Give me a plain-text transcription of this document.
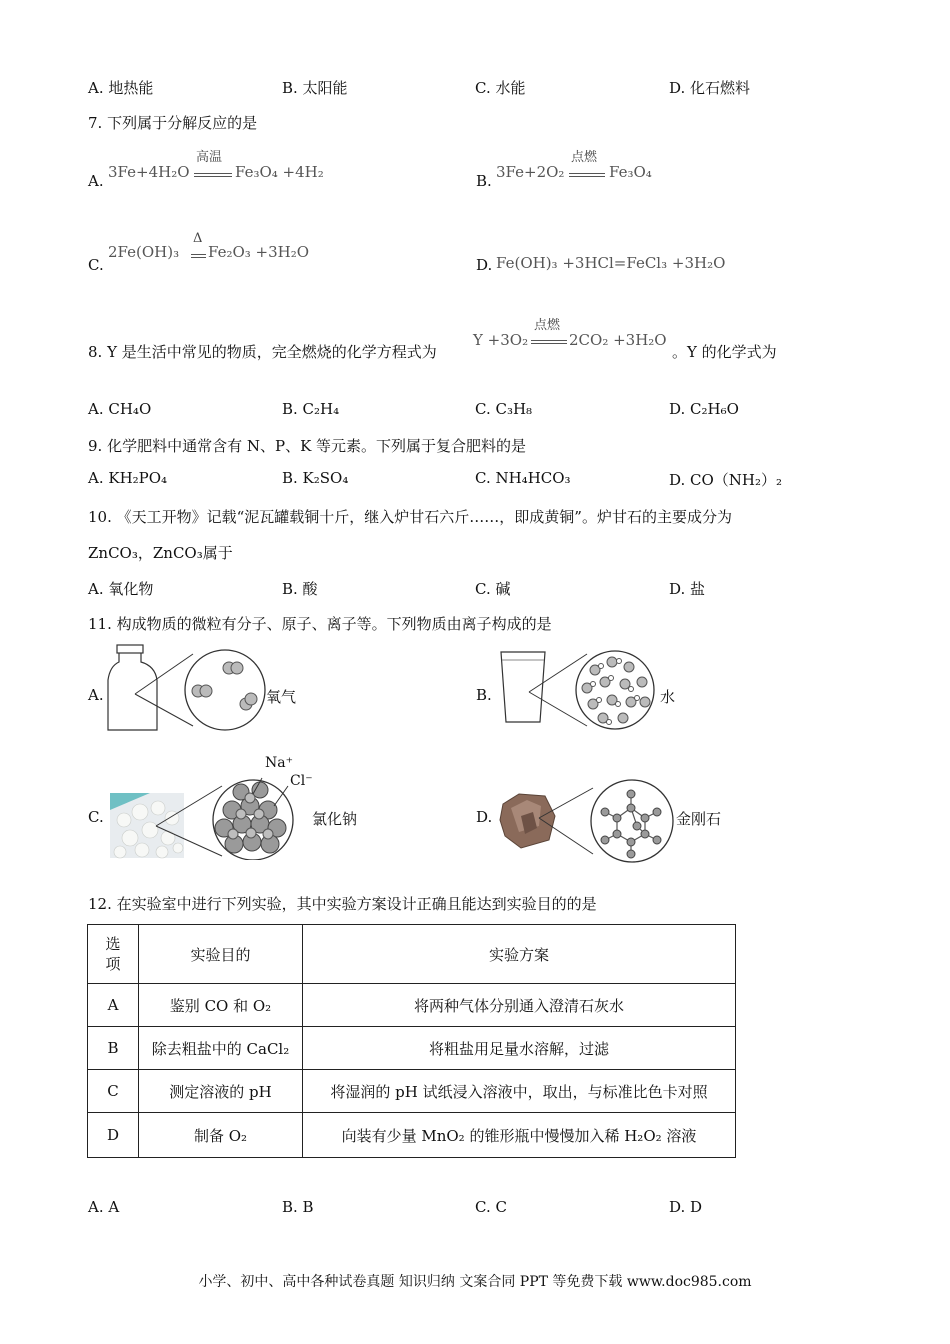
A. 地热能	B. 太阳能	C. 水能	D. 化石燃料
7. 下列属于分解反应的是
A. 3Fe+4H₂O
高温
Fe₃O₄ +4H₂	B. 3Fe+2O₂
点燃
Fe₃O₄
C.
2Fe(OH)₃
Δ
Fe₂O₃ +3H₂O
D. Fe(OH)₃ +3HCl=FeCl₃ +3H₂O
8. Y 是生活中常见的物质，完全燃烧的化学方程式为
Y +3O₂
点燃
2CO₂ +3H₂O
。Y 的化学式为
A. CH₄O	B. C₂H₄	C. C₃H₈	D. C₂H₆O
9. 化学肥料中通常含有 N、P、K 等元素。下列属于复合肥料的是
A. KH₂PO₄	B. K₂SO₄	C. NH₄HCO₃	D. CO（NH₂）₂
10. 《天工开物》记载“泥瓦罐载铜十斤，继入炉甘石六斤……，即成黄铜”。炉甘石的主要成分为
ZnCO₃，ZnCO₃属于
A. 氧化物	B. 酸	C. 碱	D. 盐
11. 构成物质的微粒有分子、原子、离子等。下列物质由离子构成的是
A.	氧气	B.	水
C.
Na⁺
Cl⁻
氯化钠	D.	金刚石
12. 在实验室中进行下列实验，其中实验方案设计正确且能达到实验目的的是
选项	实验目的	实验方案
A	鉴别 CO 和 O₂	将两种气体分别通入澄清石灰水
B	除去粗盐中的 CaCl₂	将粗盐用足量水溶解，过滤
C	测定溶液的 pH	将湿润的 pH 试纸浸入溶液中，取出，与标准比色卡对照
D	制备 O₂	向装有少量 MnO₂ 的锥形瓶中慢慢加入稀 H₂O₂ 溶液
A. A	B. B	C. C	D. D
小学、初中、高中各种试卷真题 知识归纳 文案合同 PPT 等免费下载 www.doc985.com
